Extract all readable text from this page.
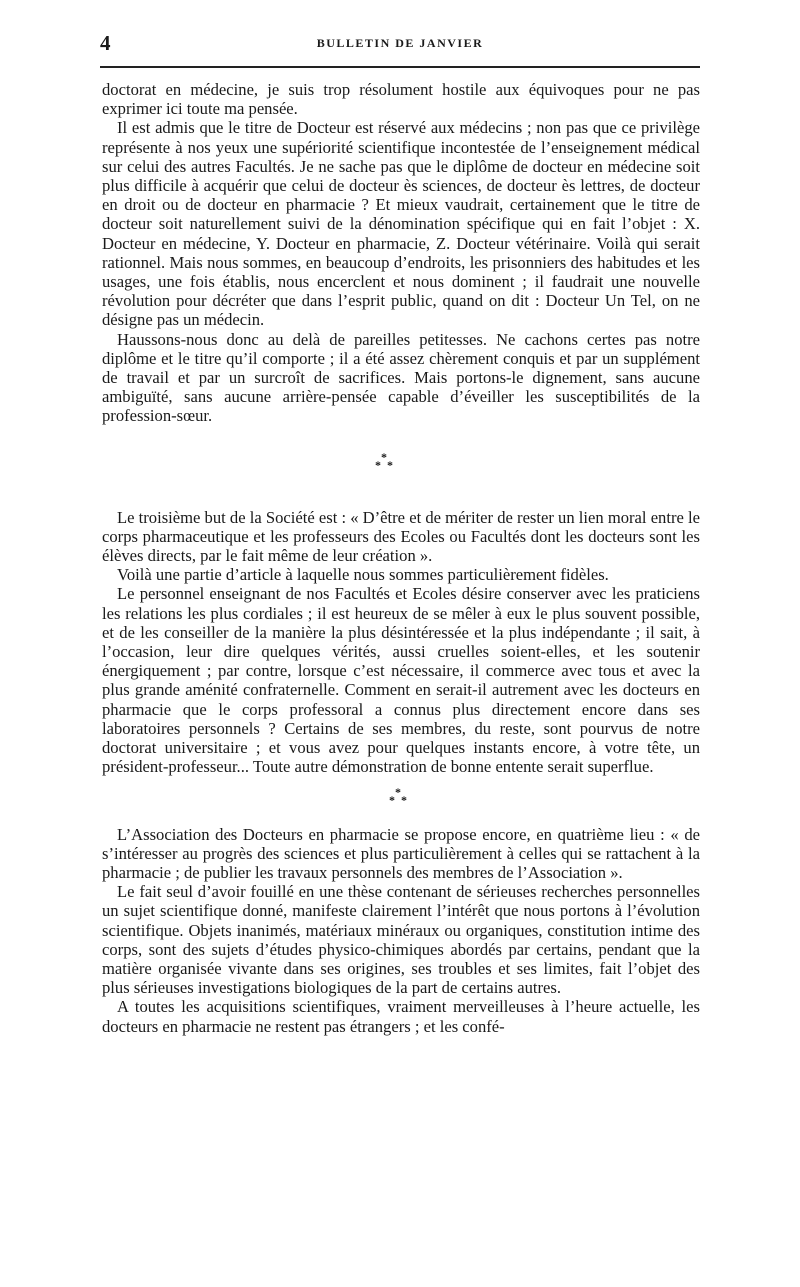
4	BULLETIN DE JANVIER

doctorat en médecine, je suis trop résolument hostile aux équivoques pour ne pas exprimer ici toute ma pensée.

Il est admis que le titre de Docteur est réservé aux médecins ; non pas que ce privilège représente à nos yeux une supériorité scientifique incontestée de l’enseignement médical sur celui des autres Facultés. Je ne sache pas que le diplôme de docteur en médecine soit plus difficile à acquérir que celui de docteur ès sciences, de docteur ès lettres, de docteur en droit ou de docteur en pharmacie ? Et mieux vaudrait, certainement que le titre de docteur soit naturellement suivi de la dénomination spécifique qui en fait l’objet : X. Docteur en médecine, Y. Docteur en pharmacie, Z. Docteur vétérinaire. Voilà qui serait rationnel. Mais nous sommes, en beaucoup d’endroits, les prisonniers des habitudes et les usages, une fois établis, nous encerclent et nous dominent ; il faudrait une nouvelle révolution pour décréter que dans l’esprit public, quand on dit : Docteur Un Tel, on ne désigne pas un médecin.

Haussons-nous donc au delà de pareilles petitesses. Ne cachons certes pas notre diplôme et le titre qu’il comporte ; il a été assez chèrement conquis et par un supplément de travail et par un surcroît de sacrifices. Mais portons-le dignement, sans aucune ambiguïté, sans aucune arrière-pensée capable d’éveiller les susceptibilités de la profession-sœur.

*
* *

Le troisième but de la Société est : « D’être et de mériter de rester un lien moral entre le corps pharmaceutique et les professeurs des Ecoles ou Facultés dont les docteurs sont les élèves directs, par le fait même de leur création ».

Voilà une partie d’article à laquelle nous sommes particulièrement fidèles.

Le personnel enseignant de nos Facultés et Ecoles désire conserver avec les praticiens les relations les plus cordiales ; il est heureux de se mêler à eux le plus souvent possible, et de les conseiller de la manière la plus désintéressée et la plus indépendante ; il sait, à l’occasion, leur dire quelques vérités, aussi cruelles soient-elles, et les soutenir énergiquement ; par contre, lorsque c’est nécessaire, il commerce avec tous et avec la plus grande aménité confraternelle. Comment en serait-il autrement avec les docteurs en pharmacie que le corps professoral a connus plus directement encore dans ses laboratoires personnels ? Certains de ses membres, du reste, sont pourvus de notre doctorat universitaire ; et vous avez pour quelques instants encore, à votre tête, un président-professeur... Toute autre démonstration de bonne entente serait superflue.

*
* *

L’Association des Docteurs en pharmacie se propose encore, en quatrième lieu : « de s’intéresser au progrès des sciences et plus particulièrement à celles qui se rattachent à la pharmacie ; de publier les travaux personnels des membres de l’Association ».

Le fait seul d’avoir fouillé en une thèse contenant de sérieuses recherches personnelles un sujet scientifique donné, manifeste clairement l’intérêt que nous portons à l’évolution scientifique. Objets inanimés, matériaux minéraux ou organiques, constitution intime des corps, sont des sujets d’études physico-chimiques abordés par certains, pendant que la matière organisée vivante dans ses origines, ses troubles et ses limites, fait l’objet des plus sérieuses investigations biologiques de la part de certains autres.

A toutes les acquisitions scientifiques, vraiment merveilleuses à l’heure actuelle, les docteurs en pharmacie ne restent pas étrangers ; et les confé-
